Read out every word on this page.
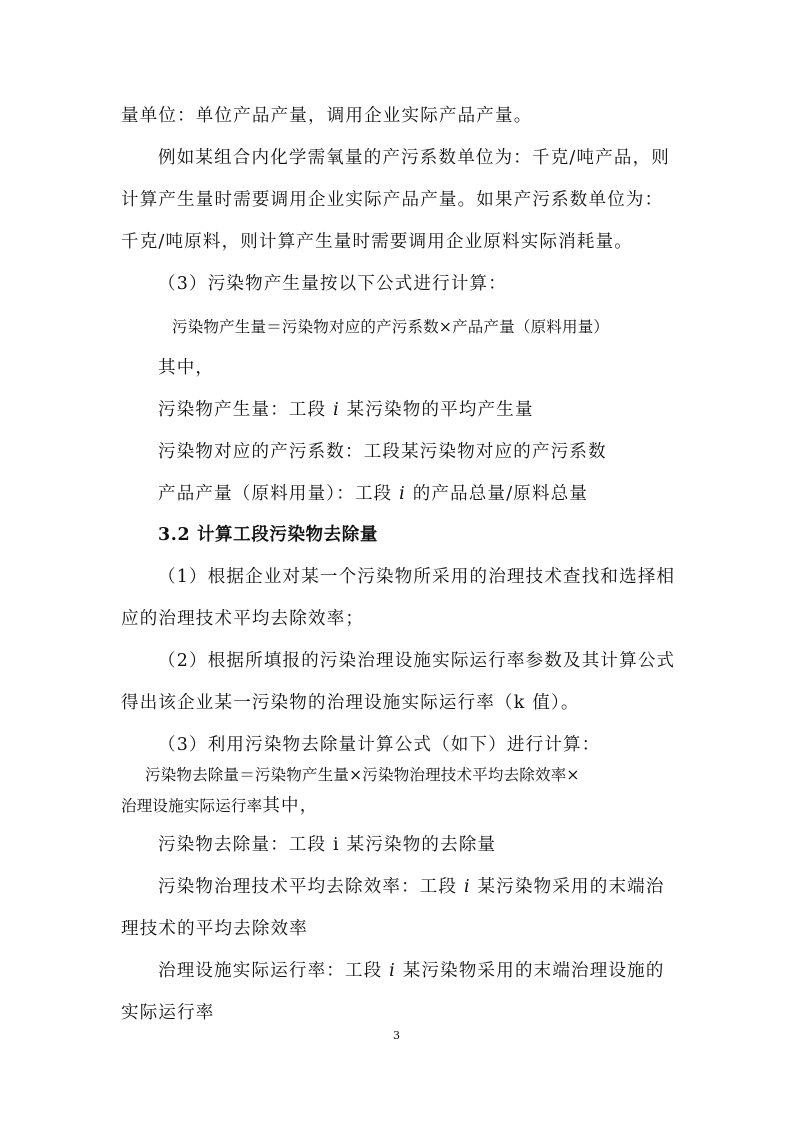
量单位：单位产品产量，调用企业实际产品产量。
例如某组合内化学需氧量的产污系数单位为：千克/吨产品，则
计算产生量时需要调用企业实际产品产量。如果产污系数单位为：
千克/吨原料，则计算产生量时需要调用企业原料实际消耗量。
（3）污染物产生量按以下公式进行计算：
污染物产生量＝污染物对应的产污系数×产品产量（原料用量）
其中，
污染物产生量：工段 i 某污染物的平均产生量
污染物对应的产污系数：工段某污染物对应的产污系数
产品产量（原料用量）：工段 i 的产品总量/原料总量
3.2 计算工段污染物去除量
（1）根据企业对某一个污染物所采用的治理技术查找和选择相
应的治理技术平均去除效率；
（2）根据所填报的污染治理设施实际运行率参数及其计算公式
得出该企业某一污染物的治理设施实际运行率（k 值）。
（3）利用污染物去除量计算公式（如下）进行计算：
污染物去除量＝污染物产生量×污染物治理技术平均去除效率×
治理设施实际运行率其中，
污染物去除量：工段 i 某污染物的去除量
污染物治理技术平均去除效率：工段 i 某污染物采用的末端治
理技术的平均去除效率
治理设施实际运行率：工段 i 某污染物采用的末端治理设施的
实际运行率
3
